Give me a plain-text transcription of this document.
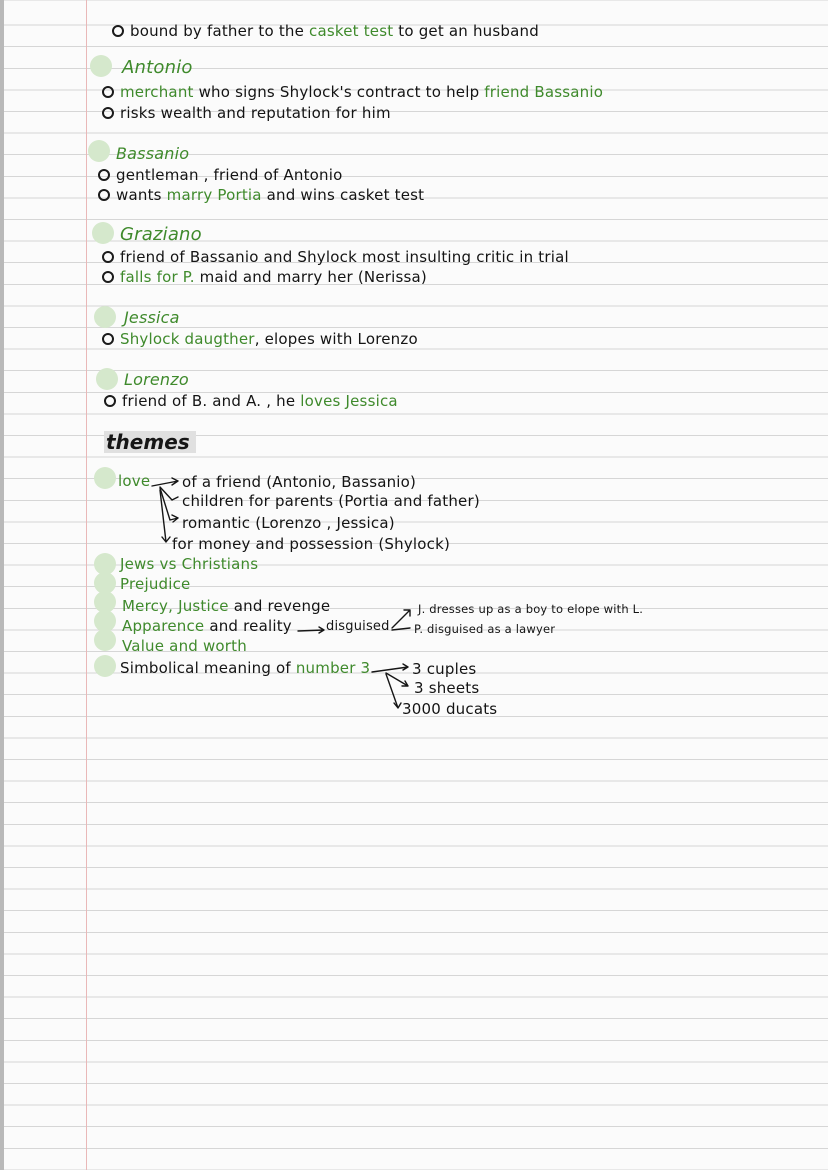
bound by father to the casket test to get an husband
Antonio
merchant who signs Shylock's contract to help friend Bassanio
risks wealth and reputation for him
Bassanio
gentleman , friend of Antonio
wants marry Portia and wins casket test
Graziano
friend of Bassanio and Shylock most insulting critic in trial
falls for P. maid and marry her (Nerissa)
Jessica
Shylock daugther, elopes with Lorenzo
Lorenzo
friend of B. and A. , he loves Jessica
themes
love of a friend (Antonio, Bassanio)
children for parents (Portia and father)
romantic (Lorenzo , Jessica)
for money and possession (Shylock)
Jews vs Christians
Prejudice
Mercy, Justice and revenge
Apparence and reality	disguised
Value and worth
Simbolical meaning of number 3
J. dresses up as a boy to elope with L.
P. disguised as a lawyer
3 cuples
3 sheets
3000 ducats
